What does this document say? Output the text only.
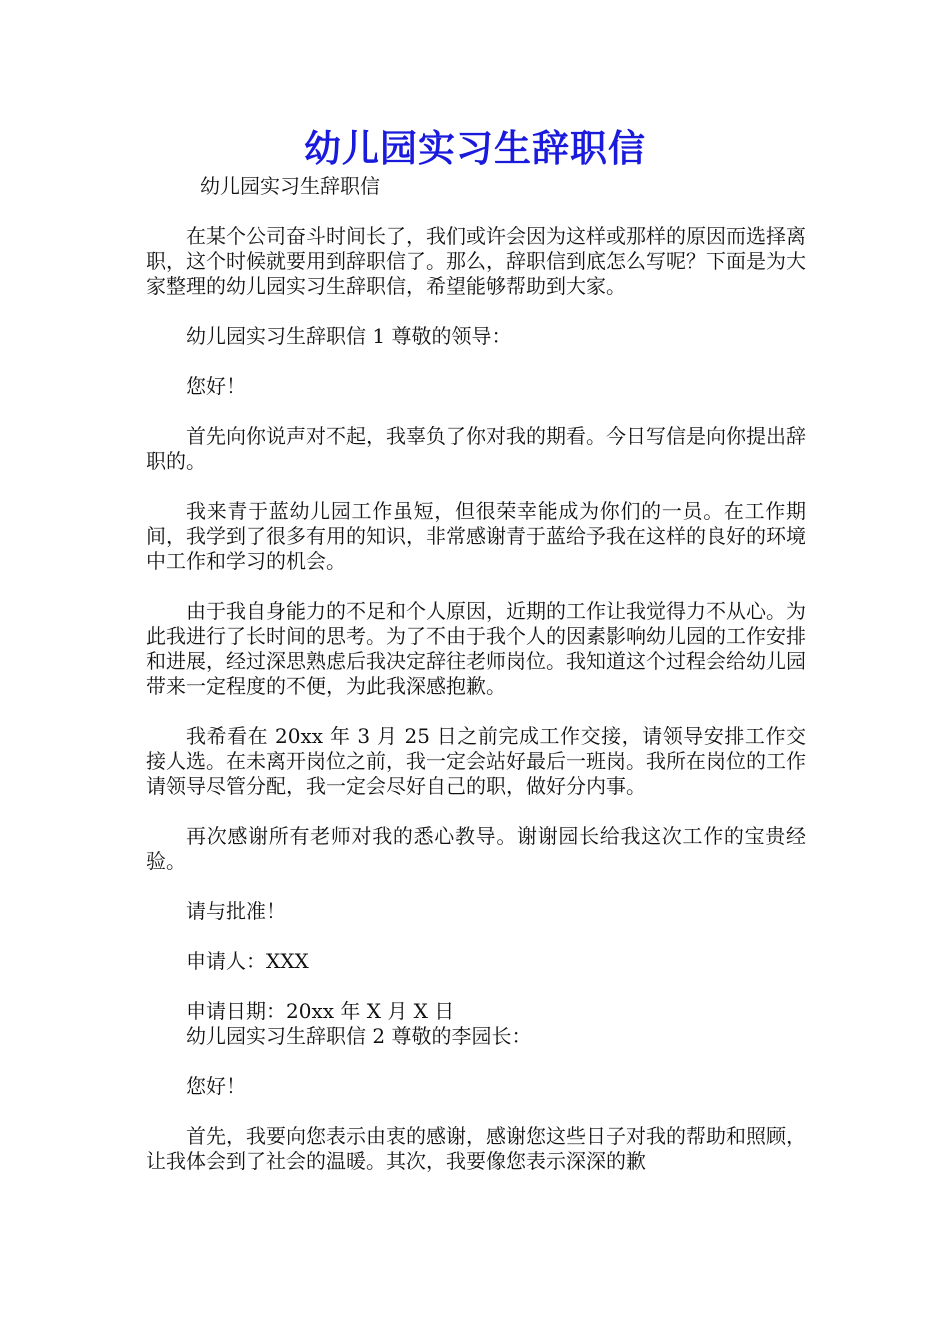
幼儿园实习生辞职信

幼儿园实习生辞职信

在某个公司奋斗时间长了，我们或许会因为这样或那样的原因而选择离职，这个时候就要用到辞职信了。那么，辞职信到底怎么写呢？下面是为大家整理的幼儿园实习生辞职信，希望能够帮助到大家。

幼儿园实习生辞职信 1 尊敬的领导：

您好！

首先向你说声对不起，我辜负了你对我的期看。今日写信是向你提出辞职的。

我来青于蓝幼儿园工作虽短，但很荣幸能成为你们的一员。在工作期间，我学到了很多有用的知识，非常感谢青于蓝给予我在这样的良好的环境中工作和学习的机会。

由于我自身能力的不足和个人原因，近期的工作让我觉得力不从心。为此我进行了长时间的思考。为了不由于我个人的因素影响幼儿园的工作安排和进展，经过深思熟虑后我决定辞往老师岗位。我知道这个过程会给幼儿园带来一定程度的不便，为此我深感抱歉。

我希看在 20xx 年 3 月 25 日之前完成工作交接，请领导安排工作交接人选。在未离开岗位之前，我一定会站好最后一班岗。我所在岗位的工作请领导尽管分配，我一定会尽好自己的职，做好分内事。

再次感谢所有老师对我的悉心教导。谢谢园长给我这次工作的宝贵经验。

请与批准！

申请人：XXX

申请日期：20xx 年 X 月 X 日

幼儿园实习生辞职信 2 尊敬的李园长：

您好！

首先，我要向您表示由衷的感谢，感谢您这些日子对我的帮助和照顾，让我体会到了社会的温暖。其次，我要像您表示深深的歉
